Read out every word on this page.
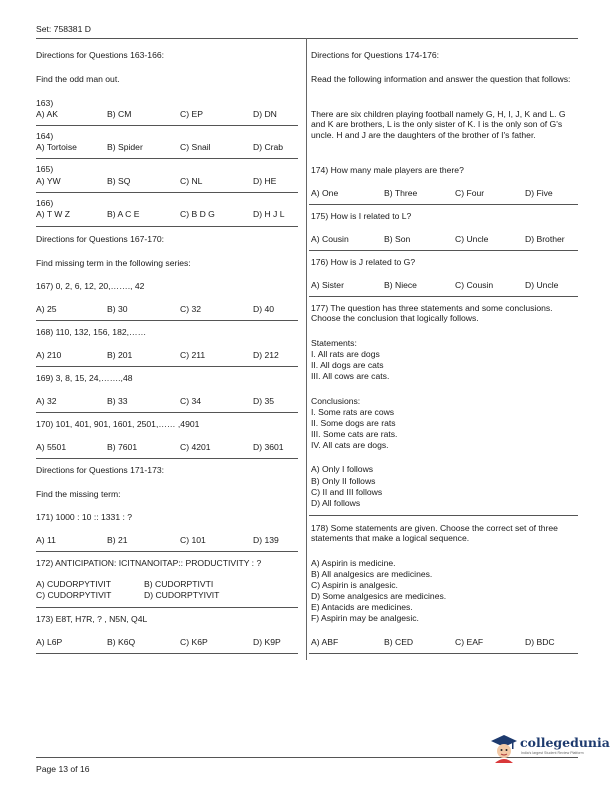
Set: 758381 D
Page 13 of 16
Directions for Questions 163-166:
Find the odd man out.
163)
A) AK	B) CM	C) EP	D) DN
164)
A) Tortoise	B) Spider	C) Snail	D) Crab
165)
A) YW	B) SQ	C) NL	D) HE
166)
A) T W Z	B) A C E	C) B D G	D) H J L
Directions for Questions 167-170:
Find missing term in the following series:
167) 0, 2, 6, 12, 20,……., 42
A) 25	B) 30	C) 32	D) 40
168) 110, 132, 156, 182,……
A) 210	B) 201	C) 211	D) 212
169) 3, 8, 15, 24,…….,48
A) 32	B) 33	C) 34	D) 35
170) 101, 401, 901, 1601, 2501,…… ,4901
A) 5501	B) 7601	C) 4201	D) 3601
Directions for Questions 171-173:
Find the missing term:
171) 1000 : 10 :: 1331 : ?
A) 11	B) 21	C) 101	D) 139
172) ANTICIPATION: ICITNANOITAP:: PRODUCTIVITY : ?
A) CUDORPYTIVIT	B) CUDORPTIVTI
C) CUDORPYTIVIT	D) CUDORPTYIVIT
173) E8T, H7R, ? , N5N, Q4L
A) L6P	B) K6Q	C) K6P	D) K9P
Directions for Questions 174-176:
Read the following information and answer the question that follows:
There are six children playing football namely G, H, I, J, K and L. G and K are brothers, L is the only sister of K. I is the only son of G's uncle. H and J are the daughters of the brother of I's father.
174) How many male players are there?
A) One	B) Three	C) Four	D) Five
175) How is I related to L?
A) Cousin	B) Son	C) Uncle	D) Brother
176) How is J related to G?
A) Sister	B) Niece	C) Cousin	D) Uncle
177) The question has three statements and some conclusions. Choose the conclusion that logically follows.
Statements:
I. All rats are dogs
II. All dogs are cats
III. All cows are cats.
Conclusions:
I. Some rats are cows
II. Some dogs are rats
III. Some cats are rats.
IV. All cats are dogs.
A) Only I follows
B) Only II follows
C) II and III follows
D) All follows
178) Some statements are given. Choose the correct set of three statements that make a logical sequence.
A) Aspirin is medicine.
B) All analgesics are medicines.
C) Aspirin is analgesic.
D) Some analgesics are medicines.
E) Antacids are medicines.
F) Aspirin may be analgesic.
A) ABF	B) CED	C) EAF	D) BDC
collegedunia
India's largest Student Review Platform
